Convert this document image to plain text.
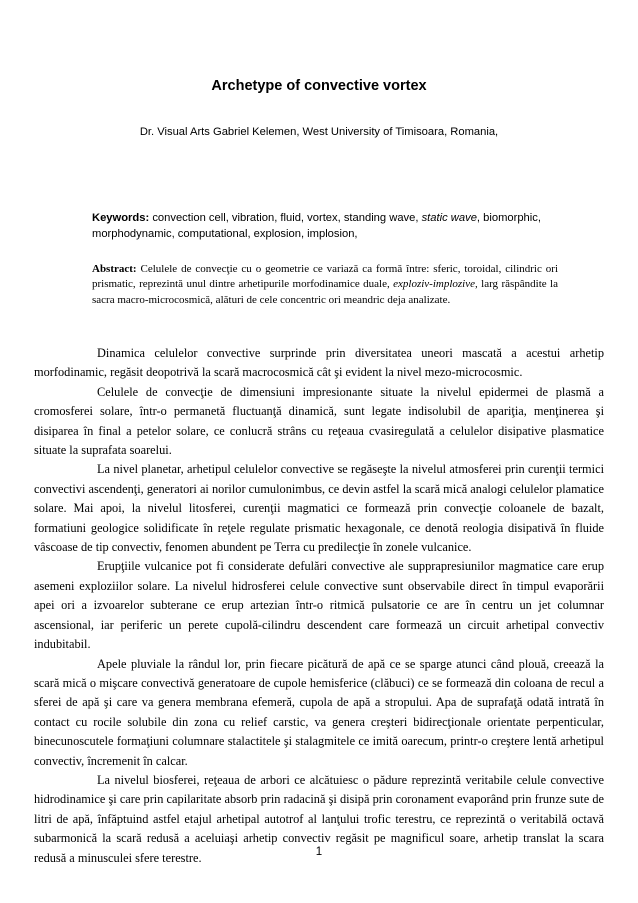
Archetype of convective vortex
Dr. Visual Arts Gabriel Kelemen, West University of Timisoara, Romania,
Keywords: convection cell, vibration, fluid, vortex, standing wave, static wave, biomorphic, morphodynamic, computational, explosion, implosion,
Abstract: Celulele de convecţie cu o geometrie ce variază ca formă între: sferic, toroidal, cilindric ori prismatic, reprezintă unul dintre arhetipurile morfodinamice duale, exploziv-implozive, larg răspândite la sacra macro-microcosmică, alături de cele concentric ori meandric deja analizate.

Dinamica celulelor convective surprinde prin diversitatea uneori mascată a acestui arhetip morfodinamic, regăsit deopotrivă la scară macrocosmică cât şi evident la nivel mezo-microcosmic.

Celulele de convecţie de dimensiuni impresionante situate la nivelul epidermei de plasmă a cromosferei solare, într-o permanetă fluctuanţă dinamică, sunt legate indisolubil de apariţia, menţinerea şi disiparea în final a petelor solare, ce conlucră strâns cu reţeaua cvasiregulată a celulelor disipative plasmatice situate la suprafata soarelui.

La nivel planetar, arhetipul celulelor convective se regăseşte la nivelul atmosferei prin curenţii termici convectivi ascendenţi, generatori ai norilor cumulonimbus, ce devin astfel la scară mică analogi celulelor plamatice solare. Mai apoi, la nivelul litosferei, curenţii magmatici ce formează prin convecţie coloanele de bazalt, formatiuni geologice solidificate în reţele regulate prismatic hexagonale, ce denotă reologia disipativă în fluide vâscoase de tip convectiv, fenomen abundent pe Terra cu predilecţie în zonele vulcanice.

Erupţiile vulcanice pot fi considerate defulări convective ale supprapresiunilor magmatice care erup asemeni exploziilor solare. La nivelul hidrosferei celule convective sunt observabile direct în timpul evaporării apei ori a izvoarelor subterane ce erup artezian într-o ritmică pulsatorie ce are în centru un jet columnar ascensional, iar periferic un perete cupolă-cilindru descendent care formează un circuit arhetipal convectiv indubitabil.

Apele pluviale la rândul lor, prin fiecare picătură de apă ce se sparge atunci când plouă, creează la scară mică o mişcare convectivă generatoare de cupole hemisferice (clăbuci) ce se formează din coloana de recul a sferei de apă şi care va genera membrana efemeră, cupola de apă a stropului. Apa de suprafaţă odată intrată în contact cu rocile solubile din zona cu relief carstic, va genera creşteri bidirecţionale orientate perpenticular, binecunoscutele formaţiuni columnare stalactitele şi stalagmitele ce imită oarecum, printr-o creştere lentă arhetipul convectiv, încremenit în calcar.

La nivelul biosferei, reţeaua de arbori ce alcătuiesc o pădure reprezintă veritabile celule convective hidrodinamice şi care prin capilaritate absorb prin radacină şi disipă prin coronament evaporând prin frunze sute de litri de apă, înfăptuind astfel etajul arhetipal autotrof al lanţului trofic terestru, ce reprezintă o veritabilă octavă subarmonică la scară redusă a aceluiaşi arhetip convectiv regăsit pe magnificul soare, arhetip translat la scara redusă a minusculei sfere terestre.	1
